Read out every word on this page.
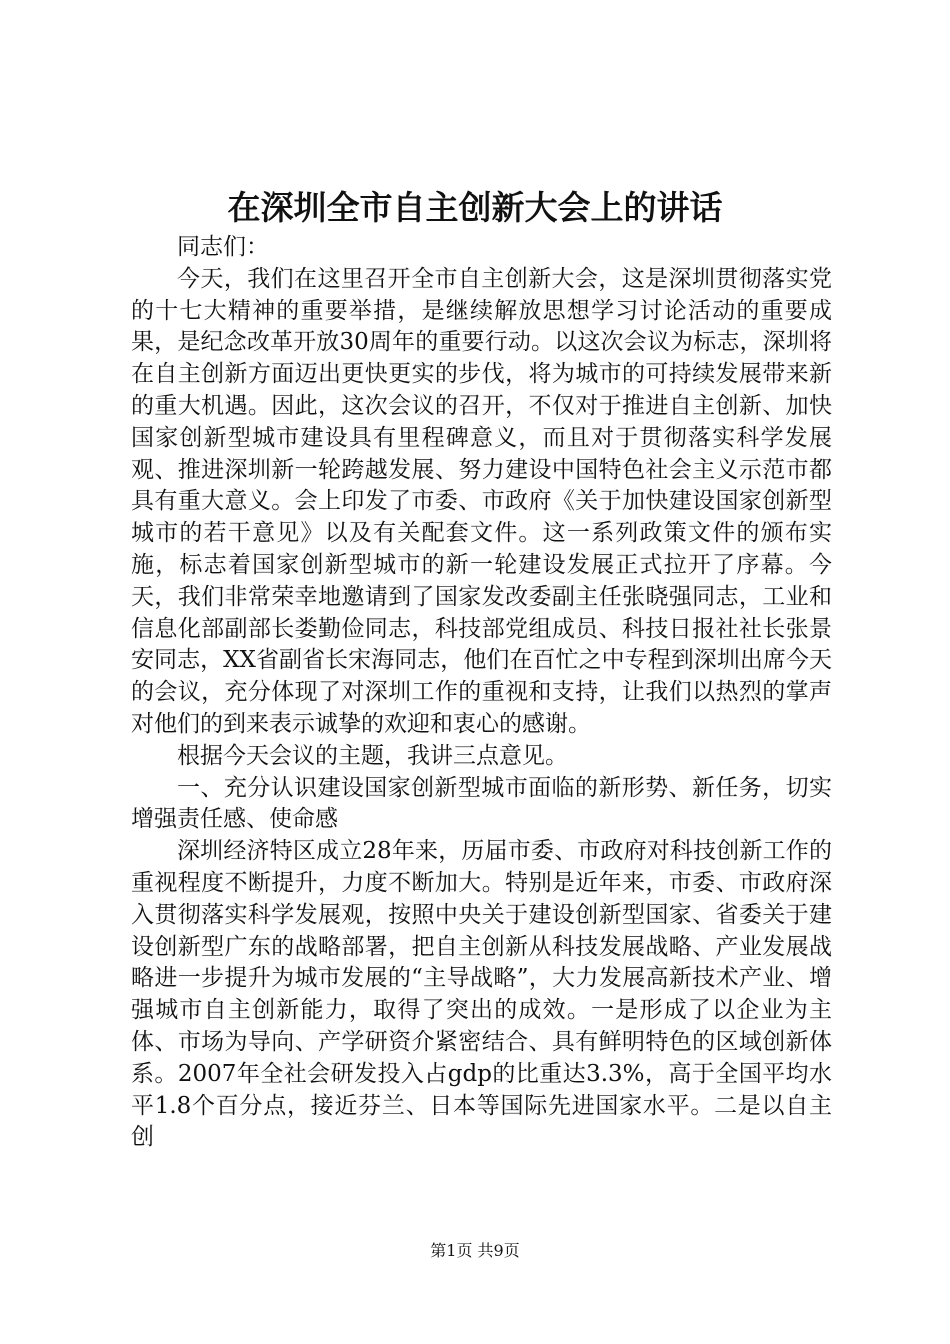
在深圳全市自主创新大会上的讲话

同志们：

今天，我们在这里召开全市自主创新大会，这是深圳贯彻落实党的十七大精神的重要举措，是继续解放思想学习讨论活动的重要成果，是纪念改革开放30周年的重要行动。以这次会议为标志，深圳将在自主创新方面迈出更快更实的步伐，将为城市的可持续发展带来新的重大机遇。因此，这次会议的召开，不仅对于推进自主创新、加快国家创新型城市建设具有里程碑意义，而且对于贯彻落实科学发展观、推进深圳新一轮跨越发展、努力建设中国特色社会主义示范市都具有重大意义。会上印发了市委、市政府《关于加快建设国家创新型城市的若干意见》以及有关配套文件。这一系列政策文件的颁布实施，标志着国家创新型城市的新一轮建设发展正式拉开了序幕。今天，我们非常荣幸地邀请到了国家发改委副主任张晓强同志，工业和信息化部副部长娄勤俭同志，科技部党组成员、科技日报社社长张景安同志，XX省副省长宋海同志，他们在百忙之中专程到深圳出席今天的会议，充分体现了对深圳工作的重视和支持，让我们以热烈的掌声对他们的到来表示诚挚的欢迎和衷心的感谢。

根据今天会议的主题，我讲三点意见。

一、充分认识建设国家创新型城市面临的新形势、新任务，切实增强责任感、使命感

深圳经济特区成立28年来，历届市委、市政府对科技创新工作的重视程度不断提升，力度不断加大。特别是近年来，市委、市政府深入贯彻落实科学发展观，按照中央关于建设创新型国家、省委关于建设创新型广东的战略部署，把自主创新从科技发展战略、产业发展战略进一步提升为城市发展的“主导战略”，大力发展高新技术产业、增强城市自主创新能力，取得了突出的成效。一是形成了以企业为主体、市场为导向、产学研资介紧密结合、具有鲜明特色的区域创新体系。2007年全社会研发投入占gdp的比重达3.3%，高于全国平均水平1.8个百分点，接近芬兰、日本等国际先进国家水平。二是以自主创

第1页 共9页
